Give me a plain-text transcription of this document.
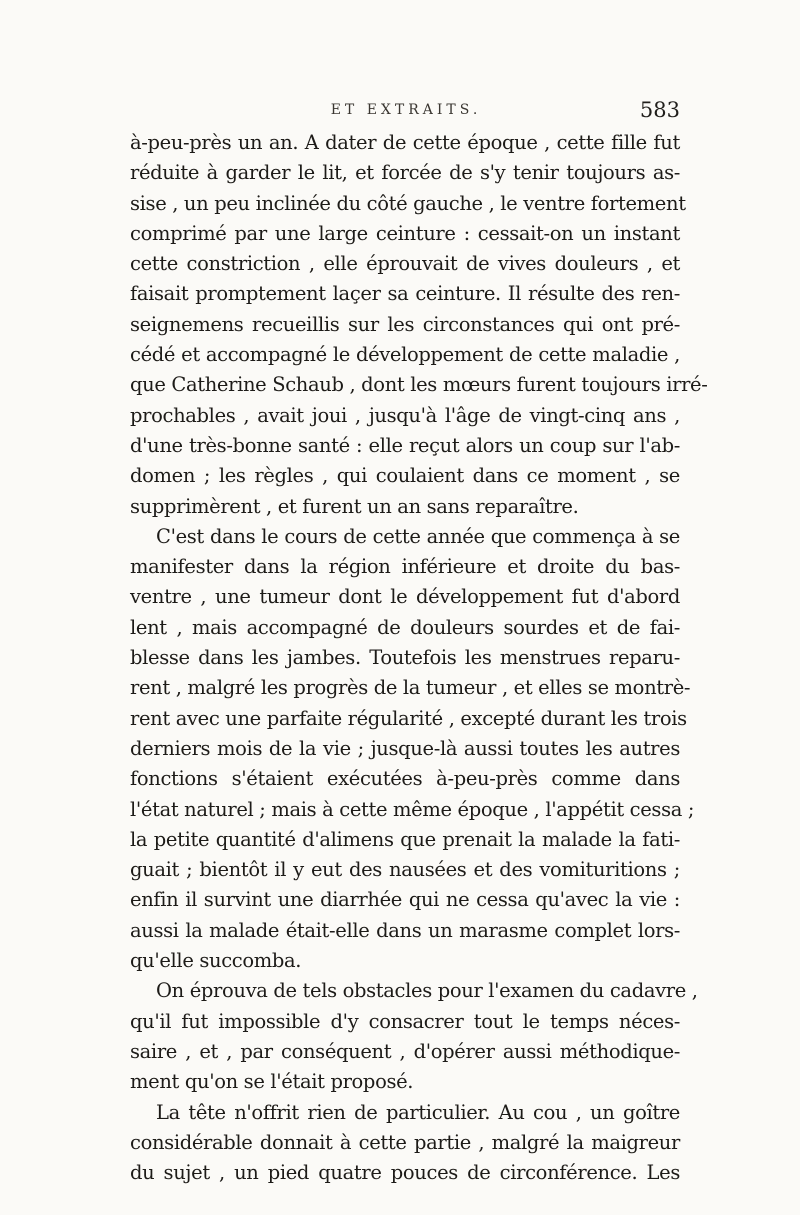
ET EXTRAITS.	583
à-peu-près un an. A dater de cette époque , cette fille fut
réduite à garder le lit, et forcée de s'y tenir toujours as-
sise , un peu inclinée du côté gauche , le ventre fortement
comprimé par une large ceinture : cessait-on un instant
cette constriction , elle éprouvait de vives douleurs , et
faisait promptement laçer sa ceinture. Il résulte des ren-
seignemens recueillis sur les circonstances qui ont pré-
cédé et accompagné le développement de cette maladie ,
que Catherine Schaub , dont les mœurs furent toujours irré-
prochables , avait joui , jusqu'à l'âge de vingt-cinq ans ,
d'une très-bonne santé : elle reçut alors un coup sur l'ab-
domen ; les règles , qui coulaient dans ce moment , se
supprimèrent , et furent un an sans reparaître.
C'est dans le cours de cette année que commença à se
manifester dans la région inférieure et droite du bas-
ventre , une tumeur dont le développement fut d'abord
lent , mais accompagné de douleurs sourdes et de fai-
blesse dans les jambes. Toutefois les menstrues reparu-
rent , malgré les progrès de la tumeur , et elles se montrè-
rent avec une parfaite régularité , excepté durant les trois
derniers mois de la vie ; jusque-là aussi toutes les autres
fonctions s'étaient exécutées à-peu-près comme dans
l'état naturel ; mais à cette même époque , l'appétit cessa ;
la petite quantité d'alimens que prenait la malade la fati-
guait ; bientôt il y eut des nausées et des vomituritions ;
enfin il survint une diarrhée qui ne cessa qu'avec la vie :
aussi la malade était-elle dans un marasme complet lors-
qu'elle succomba.
On éprouva de tels obstacles pour l'examen du cadavre ,
qu'il fut impossible d'y consacrer tout le temps néces-
saire , et , par conséquent , d'opérer aussi méthodique-
ment qu'on se l'était proposé.
La tête n'offrit rien de particulier. Au cou , un goître
considérable donnait à cette partie , malgré la maigreur
du sujet , un pied quatre pouces de circonférence. Les
